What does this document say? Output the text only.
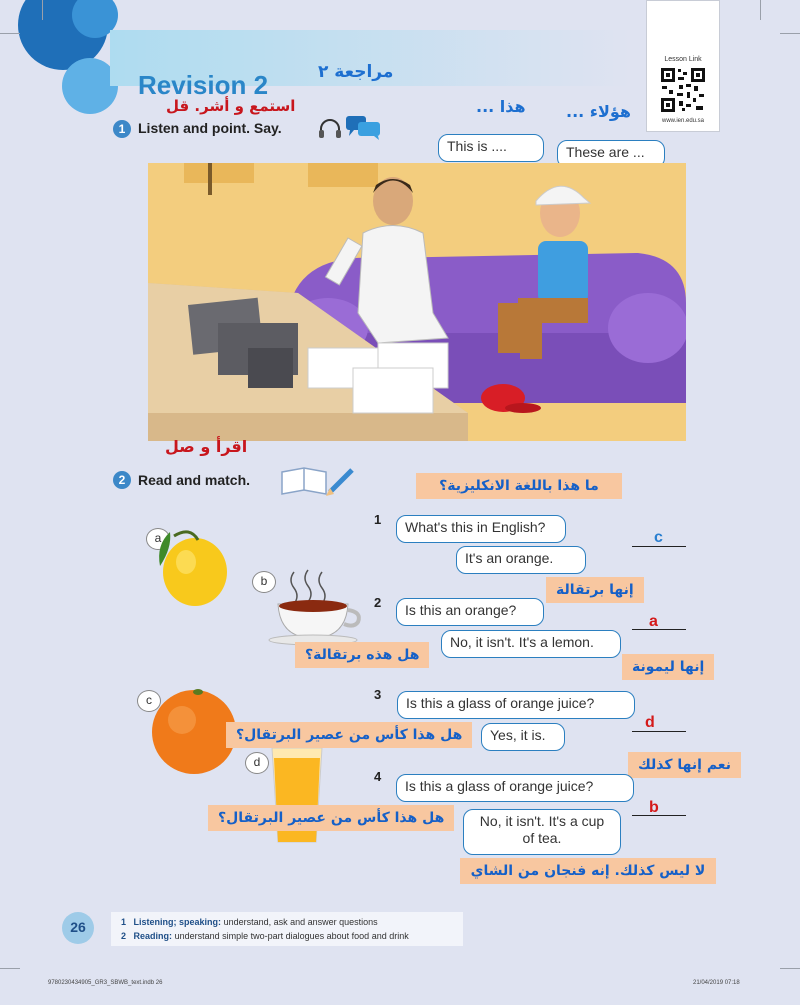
Revision 2	مراجعة ٢
Lesson Link
www.ien.edu.sa
استمع و أشر. قل
1 Listen and point. Say.
هذا ...	هؤلاء ...
This is ....	These are ...
اقرأ و صل
2 Read and match.	ما هذا باللغة الانكليزية؟
a
b
c
d
1	What's this in English?
It's an orange.
c
إنها برتقالة
2	Is this an orange?
No, it isn't. It's a lemon.
هل هذه برتقالة؟
a
إنها ليمونة
3
Is this a glass of orange juice?
هل هذا كأس من عصير البرتقال؟	Yes, it is.
d
نعم إنها كذلك
4
Is this a glass of orange juice?
هل هذا كأس من عصير البرتقال؟
b
No, it isn't. It's a cup
of tea.
لا ليس كذلك. إنه فنجان من الشاي
26	1 Listening; speaking: understand, ask and answer questions
2 Reading: understand simple two-part dialogues about food and drink
9780230434905_GR3_SBWB_text.indb 26	21/04/2019 07:18
